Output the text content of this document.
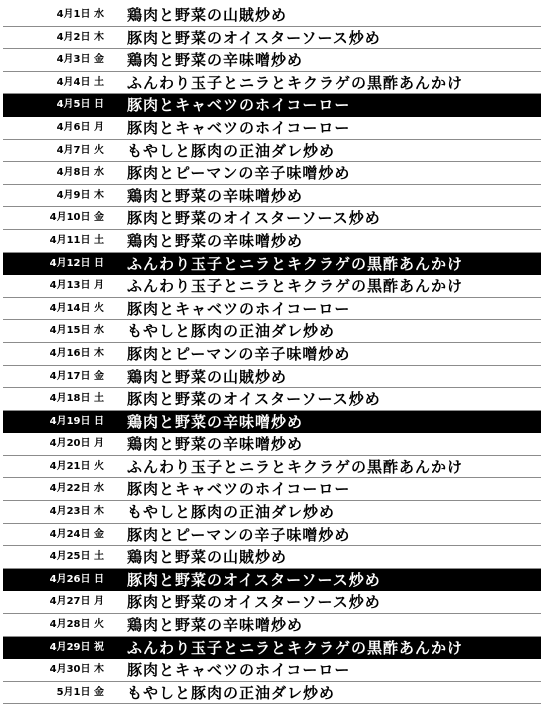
4月1日 水 鶏肉と野菜の山賊炒め
4月2日 木 豚肉と野菜のオイスターソース炒め
4月3日 金 鶏肉と野菜の辛味噌炒め
4月4日 土 ふんわり玉子とニラとキクラゲの黒酢あんかけ
4月5日 日 豚肉とキャベツのホイコーロー
4月6日 月 豚肉とキャベツのホイコーロー
4月7日 火 もやしと豚肉の正油ダレ炒め
4月8日 水 豚肉とピーマンの辛子味噌炒め
4月9日 木 鶏肉と野菜の辛味噌炒め
4月10日 金 豚肉と野菜のオイスターソース炒め
4月11日 土 鶏肉と野菜の辛味噌炒め
4月12日 日 ふんわり玉子とニラとキクラゲの黒酢あんかけ
4月13日 月 ふんわり玉子とニラとキクラゲの黒酢あんかけ
4月14日 火 豚肉とキャベツのホイコーロー
4月15日 水 もやしと豚肉の正油ダレ炒め
4月16日 木 豚肉とピーマンの辛子味噌炒め
4月17日 金 鶏肉と野菜の山賊炒め
4月18日 土 豚肉と野菜のオイスターソース炒め
4月19日 日 鶏肉と野菜の辛味噌炒め
4月20日 月 鶏肉と野菜の辛味噌炒め
4月21日 火 ふんわり玉子とニラとキクラゲの黒酢あんかけ
4月22日 水 豚肉とキャベツのホイコーロー
4月23日 木 もやしと豚肉の正油ダレ炒め
4月24日 金 豚肉とピーマンの辛子味噌炒め
4月25日 土 鶏肉と野菜の山賊炒め
4月26日 日 豚肉と野菜のオイスターソース炒め
4月27日 月 豚肉と野菜のオイスターソース炒め
4月28日 火 鶏肉と野菜の辛味噌炒め
4月29日 祝 ふんわり玉子とニラとキクラゲの黒酢あんかけ
4月30日 木 豚肉とキャベツのホイコーロー
5月1日 金 もやしと豚肉の正油ダレ炒め
